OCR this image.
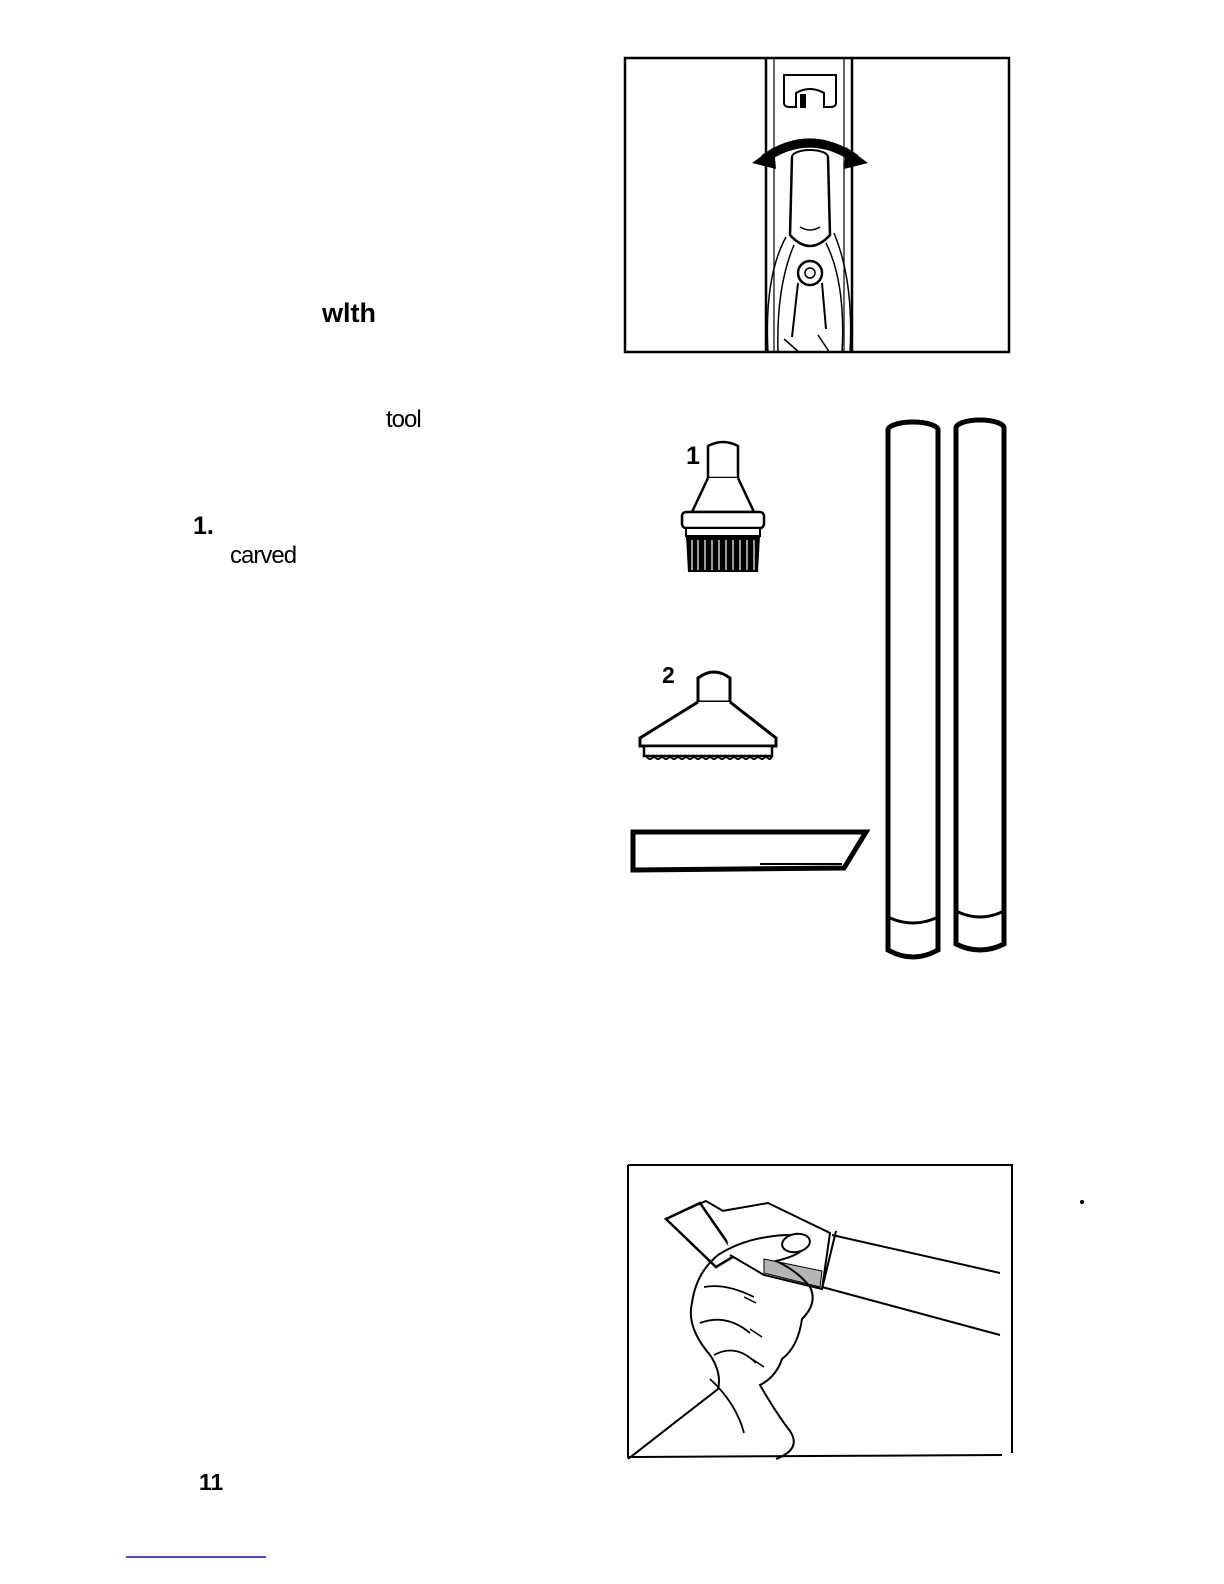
wlth
tool
1.
carved
11
1
2
